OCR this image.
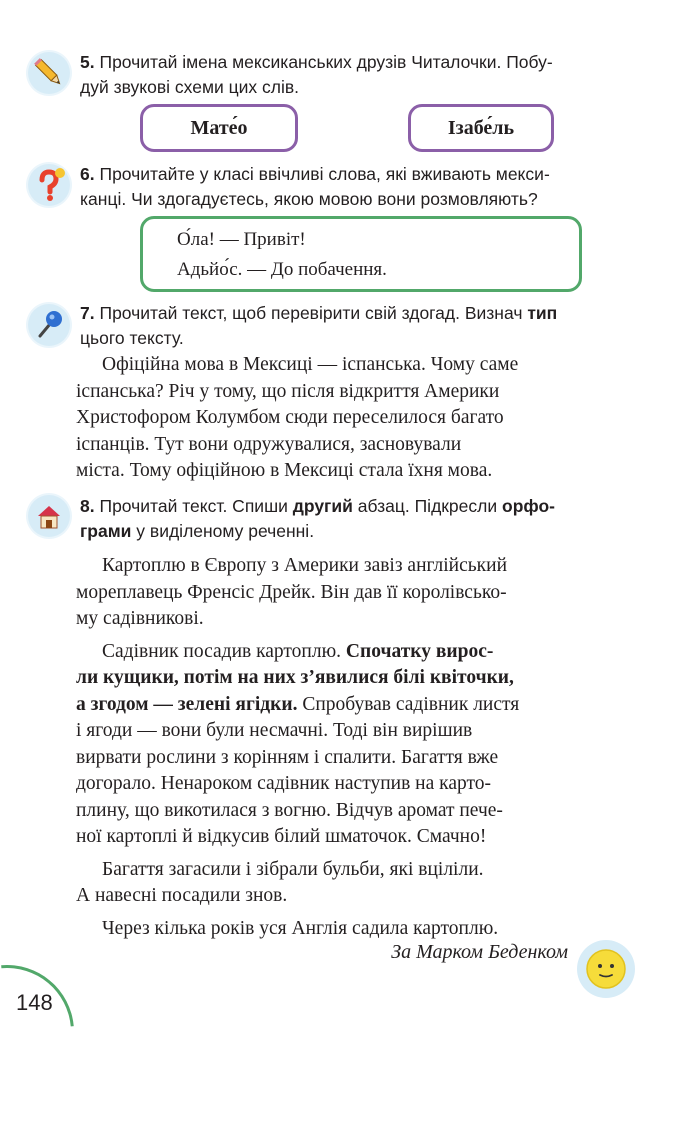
5. Прочитай імена мексиканських друзів Читалочки. Побу-
дуй звукові схеми цих слів.
Мате́о	Ізабе́ль
6. Прочитайте у класі ввічливі слова, які вживають мекси-
канці. Чи здогадуєтесь, якою мовою вони розмовляють?

О́ла! — Привіт!

Адьйо́с. — До побачення.

7. Прочитай текст, щоб перевірити свій здогад. Визнач тип
цього тексту.
Офіційна мова в Мексиці — іспанська. Чому саме
іспанська? Річ у тому, що після відкриття Америки
Христофором Колумбом сюди переселилося багато
іспанців. Тут вони одружувалися, засновували
міста. Тому офіційною в Мексиці стала їхня мова.
8. Прочитай текст. Спиши другий абзац. Підкресли орфо-
грами у виділеному реченні.
Картоплю в Європу з Америки завіз англійський
мореплавець Френсіс Дрейк. Він дав її королівсько-
му садівникові.
Садівник посадив картоплю. Спочатку вирос-
ли кущики, потім на них з’явилися білі квіточки,
а згодом — зелені ягідки. Спробував садівник листя
і ягоди — вони були несмачні. Тоді він вирішив
вирвати рослини з корінням і спалити. Багаття вже
догорало. Ненароком садівник наступив на карто-
плину, що викотилася з вогню. Відчув аромат пече-
ної картоплі й відкусив білий шматочок. Смачно!
Багаття загасили і зібрали бульби, які вціліли.
А навесні посадили знов.
Через кілька років уся Англія садила картоплю.
За Марком Беденком
148
